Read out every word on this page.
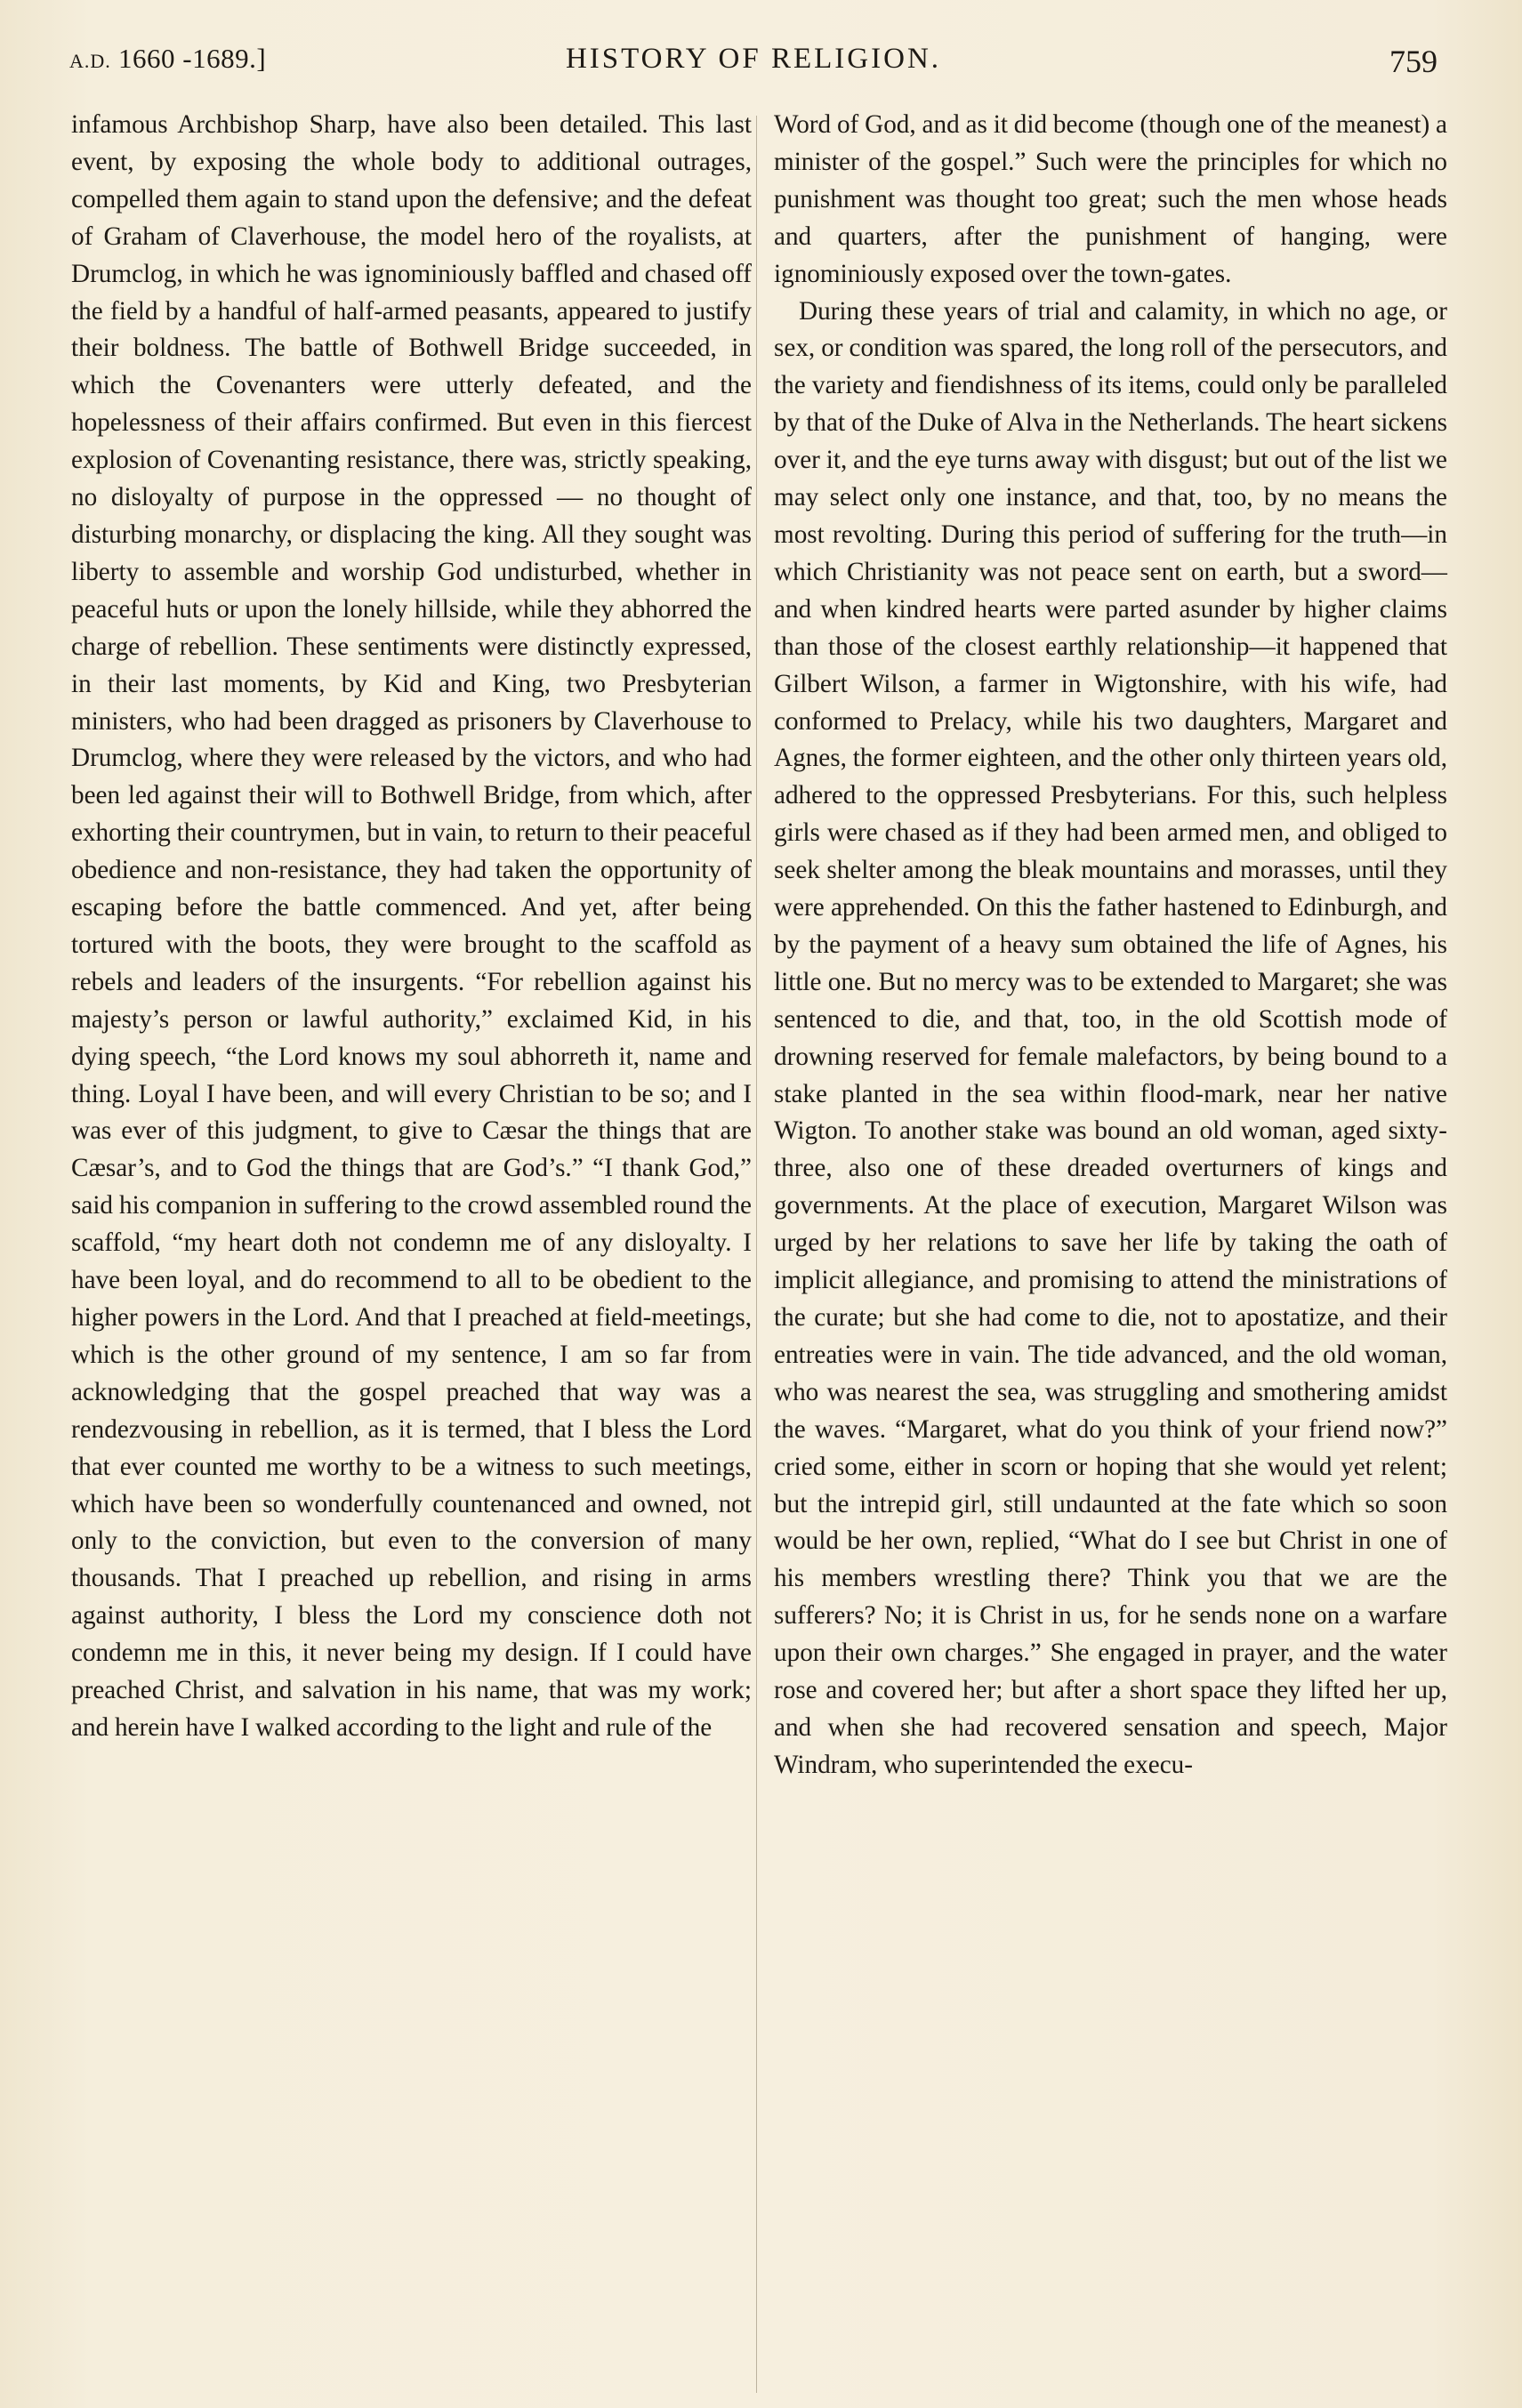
A.D. 1660 -1689.]	HISTORY OF RELIGION.	759

infamous Archbishop Sharp, have also been detailed. This last event, by exposing the whole body to additional outrages, compelled them again to stand upon the defensive; and the defeat of Graham of Claverhouse, the model hero of the royalists, at Drumclog, in which he was ignominiously baffled and chased off the field by a handful of half-armed peasants, appeared to justify their boldness. The battle of Bothwell Bridge succeeded, in which the Covenanters were utterly defeated, and the hopelessness of their affairs confirmed. But even in this fiercest explosion of Covenanting resistance, there was, strictly speaking, no disloyalty of purpose in the oppressed — no thought of disturbing monarchy, or displacing the king. All they sought was liberty to assemble and worship God undisturbed, whether in peaceful huts or upon the lonely hillside, while they abhorred the charge of rebellion. These sentiments were distinctly expressed, in their last moments, by Kid and King, two Presbyterian ministers, who had been dragged as prisoners by Claverhouse to Drumclog, where they were released by the victors, and who had been led against their will to Bothwell Bridge, from which, after exhorting their countrymen, but in vain, to return to their peaceful obedience and non-resistance, they had taken the opportunity of escaping before the battle commenced. And yet, after being tortured with the boots, they were brought to the scaffold as rebels and leaders of the insurgents. “For rebellion against his majesty’s person or lawful authority,” exclaimed Kid, in his dying speech, “the Lord knows my soul abhorreth it, name and thing. Loyal I have been, and will every Christian to be so; and I was ever of this judgment, to give to Cæsar the things that are Cæsar’s, and to God the things that are God’s.” “I thank God,” said his companion in suffering to the crowd assembled round the scaffold, “my heart doth not condemn me of any disloyalty. I have been loyal, and do recommend to all to be obedient to the higher powers in the Lord. And that I preached at field-meetings, which is the other ground of my sentence, I am so far from acknowledging that the gospel preached that way was a rendezvousing in rebellion, as it is termed, that I bless the Lord that ever counted me worthy to be a witness to such meetings, which have been so wonderfully countenanced and owned, not only to the conviction, but even to the conversion of many thousands. That I preached up rebellion, and rising in arms against authority, I bless the Lord my conscience doth not condemn me in this, it never being my design. If I could have preached Christ, and salvation in his name, that was my work; and herein have I walked according to the light and rule of the

Word of God, and as it did become (though one of the meanest) a minister of the gospel.” Such were the principles for which no punishment was thought too great; such the men whose heads and quarters, after the punishment of hanging, were ignominiously exposed over the town-gates.

During these years of trial and calamity, in which no age, or sex, or condition was spared, the long roll of the persecutors, and the variety and fiendishness of its items, could only be paralleled by that of the Duke of Alva in the Netherlands. The heart sickens over it, and the eye turns away with disgust; but out of the list we may select only one instance, and that, too, by no means the most revolting. During this period of suffering for the truth—in which Christianity was not peace sent on earth, but a sword—and when kindred hearts were parted asunder by higher claims than those of the closest earthly relationship—it happened that Gilbert Wilson, a farmer in Wigtonshire, with his wife, had conformed to Prelacy, while his two daughters, Margaret and Agnes, the former eighteen, and the other only thirteen years old, adhered to the oppressed Presbyterians. For this, such helpless girls were chased as if they had been armed men, and obliged to seek shelter among the bleak mountains and morasses, until they were apprehended. On this the father hastened to Edinburgh, and by the payment of a heavy sum obtained the life of Agnes, his little one. But no mercy was to be extended to Margaret; she was sentenced to die, and that, too, in the old Scottish mode of drowning reserved for female malefactors, by being bound to a stake planted in the sea within flood-mark, near her native Wigton. To another stake was bound an old woman, aged sixty-three, also one of these dreaded overturners of kings and governments. At the place of execution, Margaret Wilson was urged by her relations to save her life by taking the oath of implicit allegiance, and promising to attend the ministrations of the curate; but she had come to die, not to apostatize, and their entreaties were in vain. The tide advanced, and the old woman, who was nearest the sea, was struggling and smothering amidst the waves. “Margaret, what do you think of your friend now?” cried some, either in scorn or hoping that she would yet relent; but the intrepid girl, still undaunted at the fate which so soon would be her own, replied, “What do I see but Christ in one of his members wrestling there? Think you that we are the sufferers? No; it is Christ in us, for he sends none on a warfare upon their own charges.” She engaged in prayer, and the water rose and covered her; but after a short space they lifted her up, and when she had recovered sensation and speech, Major Windram, who superintended the execu-
